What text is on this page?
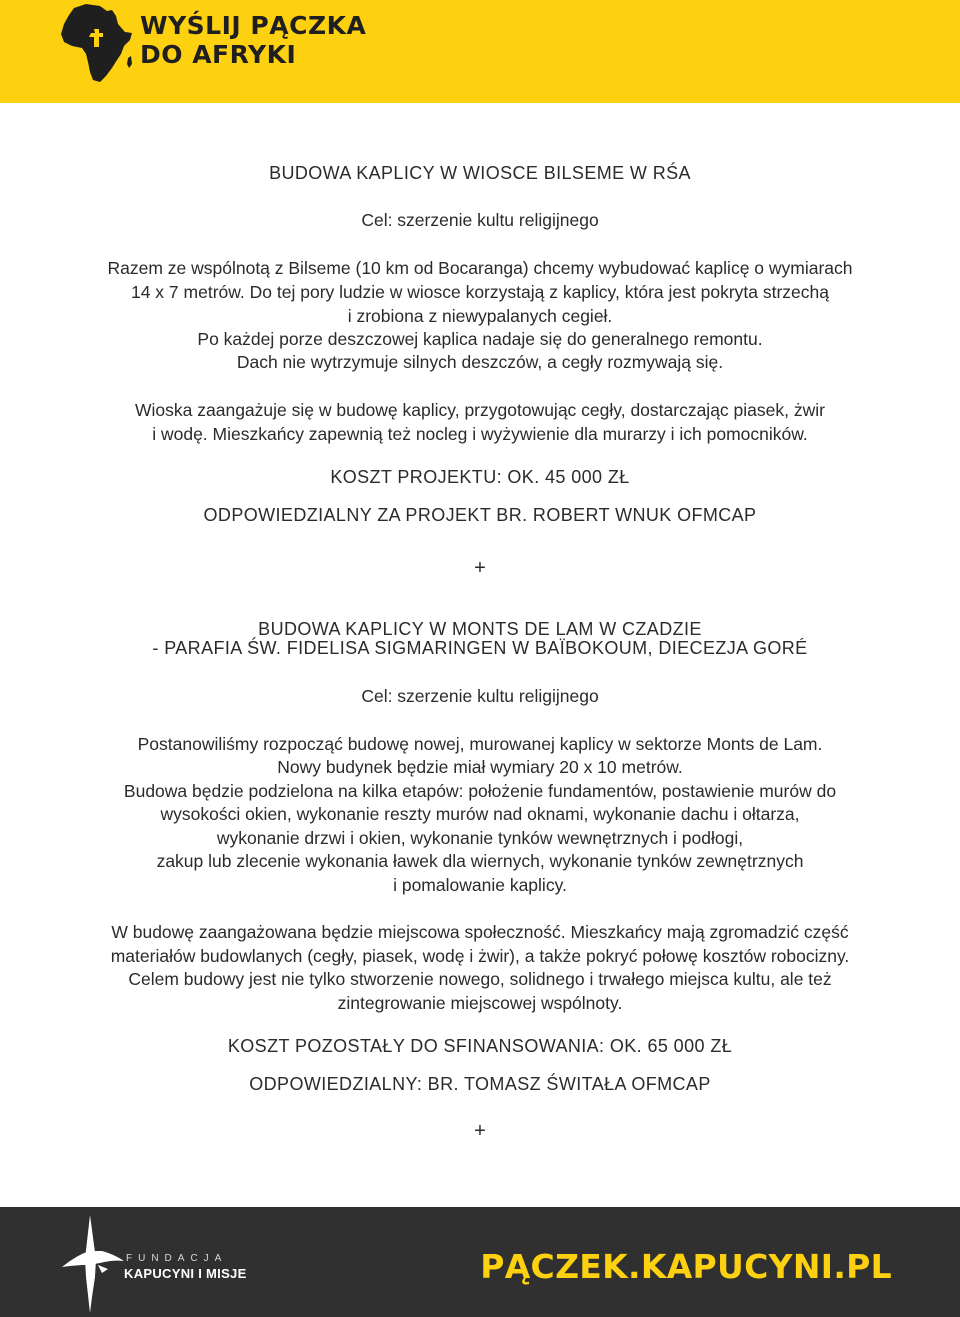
WYŚLIJ PĄCZKA
DO AFRYKI
BUDOWA KAPLICY W WIOSCE BILSEME W RŚA
Cel: szerzenie kultu religijnego
Razem ze wspólnotą z Bilseme (10 km od Bocaranga) chcemy wybudować kaplicę o wymiarach
14 x 7 metrów. Do tej pory ludzie w wiosce korzystają z kaplicy, która jest pokryta strzechą
i zrobiona z niewypalanych cegieł.
Po każdej porze deszczowej kaplica nadaje się do generalnego remontu.
Dach nie wytrzymuje silnych deszczów, a cegły rozmywają się.
Wioska zaangażuje się w budowę kaplicy, przygotowując cegły, dostarczając piasek, żwir
i wodę. Mieszkańcy zapewnią też nocleg i wyżywienie dla murarzy i ich pomocników.
KOSZT PROJEKTU: OK. 45 000 ZŁ
ODPOWIEDZIALNY ZA PROJEKT BR. ROBERT WNUK OFMCAP
+
BUDOWA KAPLICY W MONTS DE LAM W CZADZIE
- PARAFIA ŚW. FIDELISA SIGMARINGEN W BAÏBOKOUM, DIECEZJA GORÉ
Cel: szerzenie kultu religijnego
Postanowiliśmy rozpocząć budowę nowej, murowanej kaplicy w sektorze Monts de Lam.
Nowy budynek będzie miał wymiary 20 x 10 metrów.
Budowa będzie podzielona na kilka etapów: położenie fundamentów, postawienie murów do
wysokości okien, wykonanie reszty murów nad oknami, wykonanie dachu i ołtarza,
wykonanie drzwi i okien, wykonanie tynków wewnętrznych i podłogi,
zakup lub zlecenie wykonania ławek dla wiernych, wykonanie tynków zewnętrznych
i pomalowanie kaplicy.
W budowę zaangażowana będzie miejscowa społeczność. Mieszkańcy mają zgromadzić część
materiałów budowlanych (cegły, piasek, wodę i żwir), a także pokryć połowę kosztów robocizny.
Celem budowy jest nie tylko stworzenie nowego, solidnego i trwałego miejsca kultu, ale też
zintegrowanie miejscowej wspólnoty.
KOSZT POZOSTAŁY DO SFINANSOWANIA: OK. 65 000 ZŁ
ODPOWIEDZIALNY: BR. TOMASZ ŚWITAŁA OFMCAP
+
FUNDACJA
KAPUCYNI I MISJE	PĄCZEK.KAPUCYNI.PL
